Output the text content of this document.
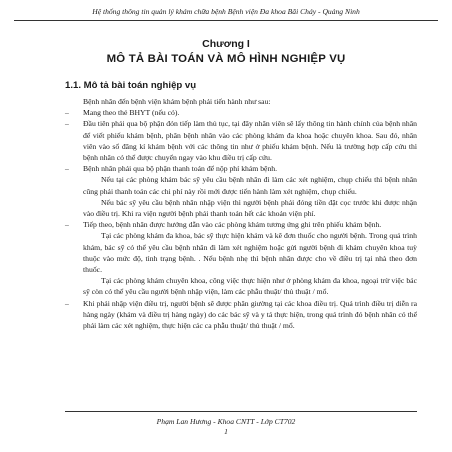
Hệ thống thông tin quản lý khám chữa bệnh Bệnh viện Đa khoa Bãi Cháy - Quảng Ninh
Chương I
MÔ TẢ BÀI TOÁN VÀ MÔ HÌNH NGHIỆP VỤ
1.1. Mô tả bài toán nghiệp vụ

Bệnh nhân đến bệnh viện khám bệnh phải tiến hành như sau:

– Mang theo thẻ BHYT (nếu có).

– Đầu tiên phải qua bộ phận đón tiếp làm thủ tục, tại đây nhân viên sẽ lấy thông tin hành chính của bệnh nhân để viết phiếu khám bệnh, phân bệnh nhân vào các phòng khám đa khoa hoặc chuyên khoa. Sau đó, nhân viên vào sổ đăng kí khám bệnh với các thông tin như ở phiếu khám bệnh. Nếu là trường hợp cấp cứu thì bệnh nhân có thể được chuyển ngay vào khu điều trị cấp cứu.

– Bệnh nhân phải qua bộ phận thanh toán để nộp phí khám bệnh.

Nếu tại các phòng khám bác sỹ yêu cầu bệnh nhân đi làm các xét nghiệm, chụp chiếu thì bệnh nhân cũng phải thanh toán các chi phí này rồi mới được tiến hành làm xét nghiệm, chụp chiếu.

Nếu bác sỹ yêu cầu bệnh nhân nhập viện thì người bệnh phải đóng tiền đặt cọc trước khi được nhận vào điều trị. Khi ra viện người bệnh phải thanh toán hết các khoản viện phí.

– Tiếp theo, bệnh nhân được hướng dẫn vào các phòng khám tương ứng ghi trên phiếu khám bệnh.

Tại các phòng khám đa khoa, bác sỹ thực hiện khám và kê đơn thuốc cho người bệnh. Trong quá trình khám, bác sỹ có thể yêu cầu bệnh nhân đi làm xét nghiệm hoặc gửi người bệnh đi khám chuyên khoa tuỳ thuộc vào mức độ, tình trạng bệnh. . Nếu bệnh nhẹ thì bệnh nhân được cho về điều trị tại nhà theo đơn thuốc.

Tại các phòng khám chuyên khoa, công việc thực hiện như ở phòng khám đa khoa, ngoại trừ việc bác sỹ còn có thể yêu cầu người bệnh nhập viện, làm các phẫu thuật/ thủ thuật / mổ.

– Khi phải nhập viện điều trị, người bệnh sẽ được phân giường tại các khoa điều trị. Quá trình điều trị diễn ra hàng ngày (khám và điều trị hàng ngày) do các bác sỹ và y tá thực hiện, trong quá trình đó bệnh nhân có thể phải làm các xét nghiệm, thực hiện các ca phẫu thuật/ thủ thuật / mổ.

Phạm Lan Hương - Khoa CNTT - Lớp CT702
1
